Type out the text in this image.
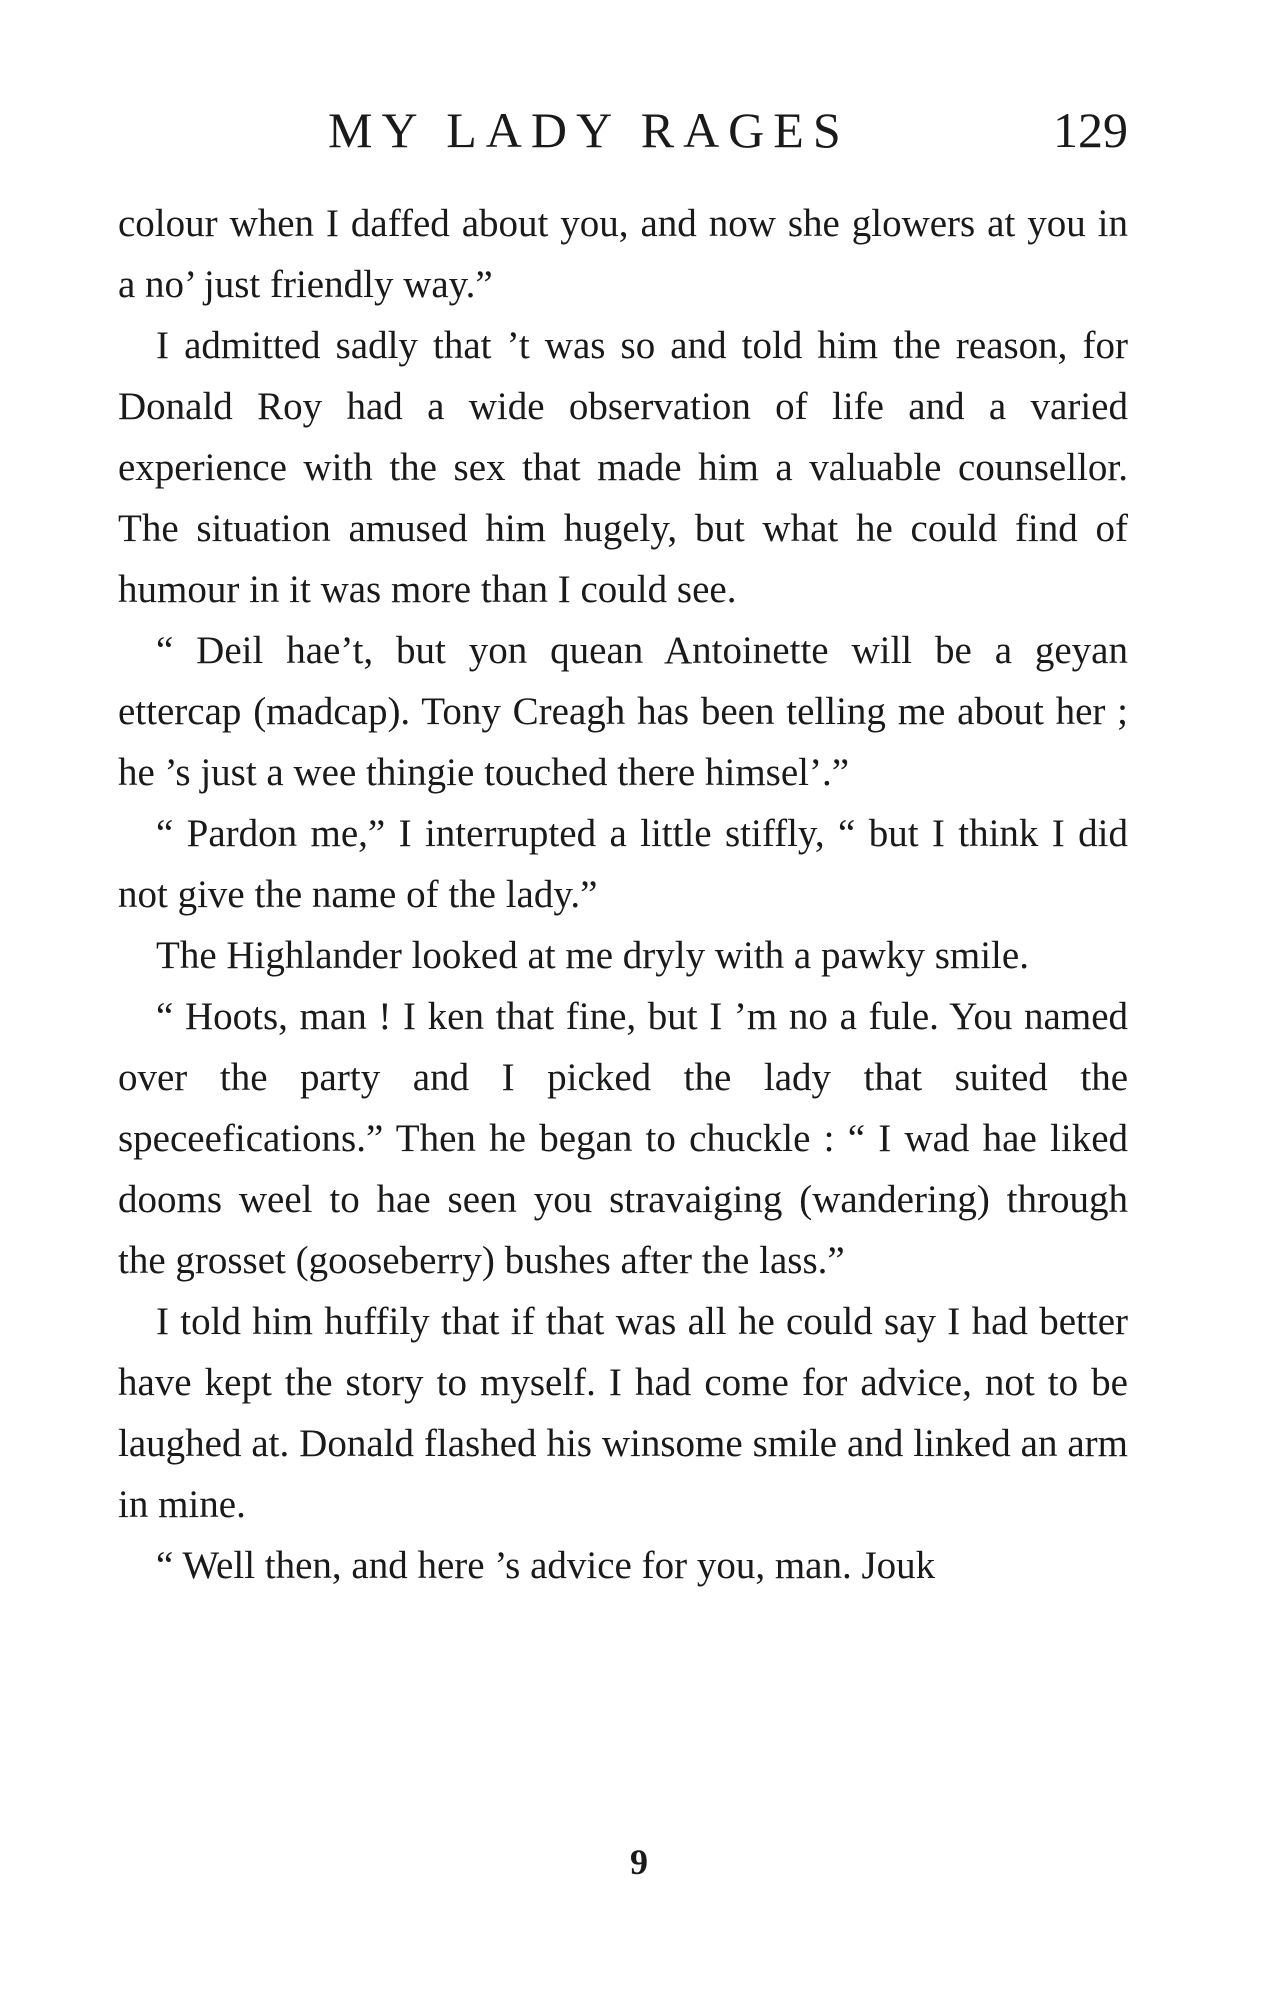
MY LADY RAGES	129

colour when I daffed about you, and now she glowers at you in a no’ just friendly way.”

I admitted sadly that ’t was so and told him the reason, for Donald Roy had a wide observation of life and a varied experience with the sex that made him a valuable counsellor. The situation amused him hugely, but what he could find of humour in it was more than I could see.

“ Deil hae’t, but yon quean Antoinette will be a geyan ettercap (madcap). Tony Creagh has been telling me about her ; he ’s just a wee thingie touched there himsel’.”

“ Pardon me,” I interrupted a little stiffly, “ but I think I did not give the name of the lady.”

The Highlander looked at me dryly with a pawky smile.

“ Hoots, man ! I ken that fine, but I ’m no a fule. You named over the party and I picked the lady that suited the speceefications.” Then he began to chuckle : “ I wad hae liked dooms weel to hae seen you stravaiging (wandering) through the grosset (gooseberry) bushes after the lass.”

I told him huffily that if that was all he could say I had better have kept the story to myself. I had come for advice, not to be laughed at. Donald flashed his winsome smile and linked an arm in mine.

“ Well then, and here ’s advice for you, man. Jouk

9
